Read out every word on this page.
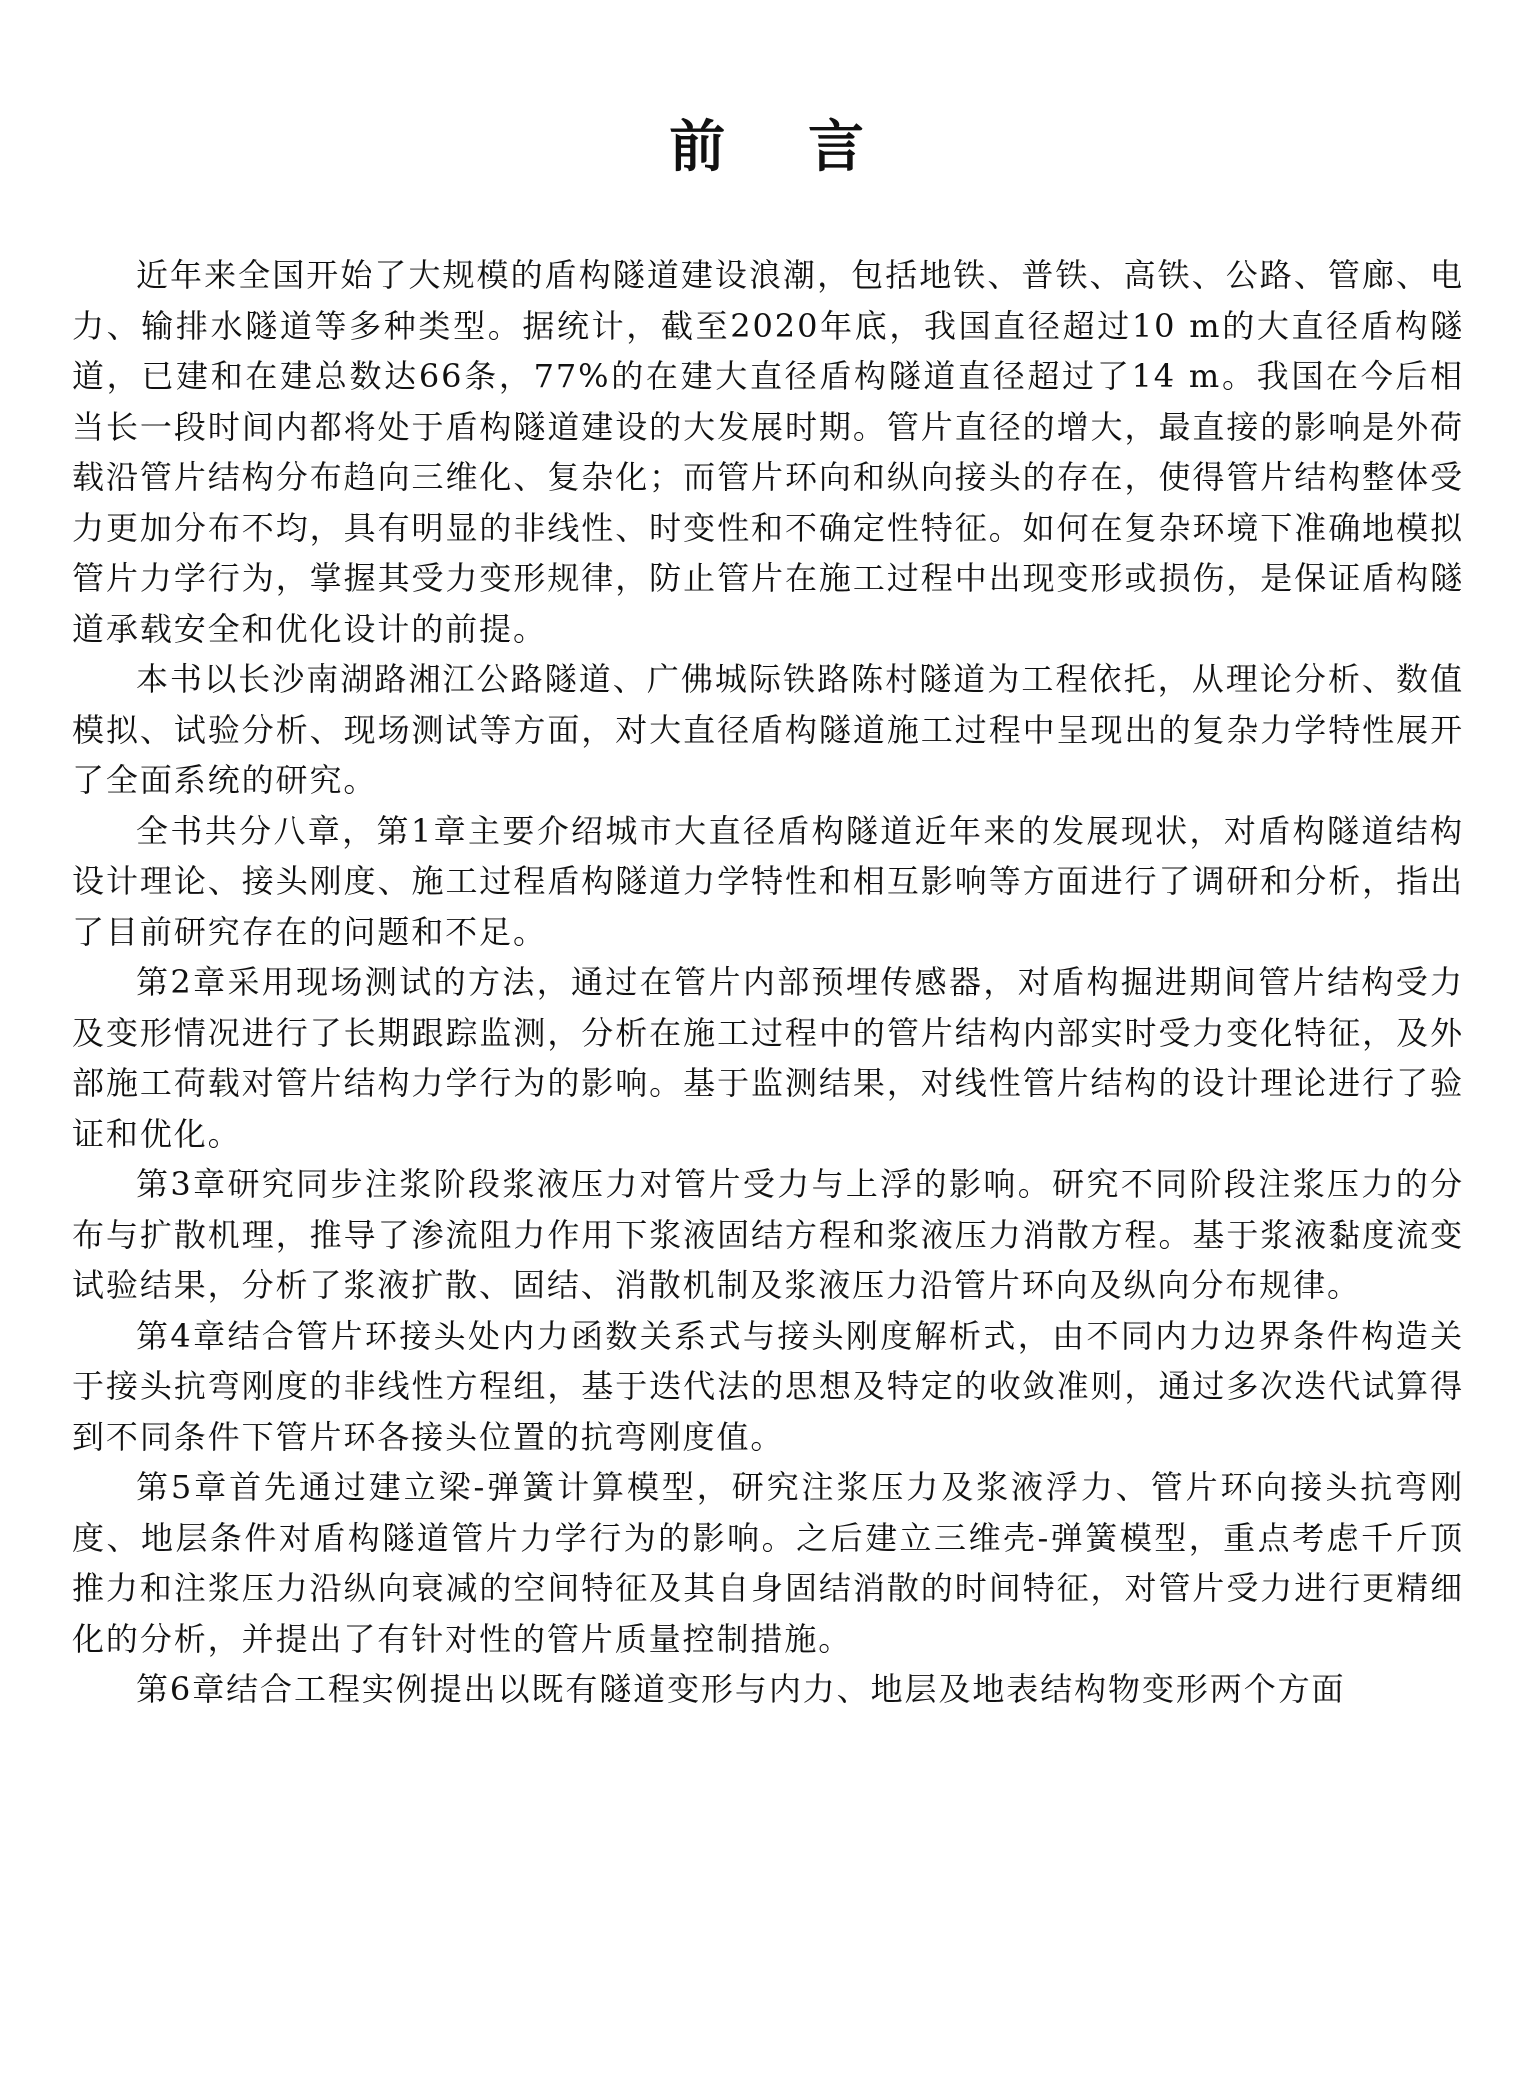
前 言

近年来全国开始了大规模的盾构隧道建设浪潮，包括地铁、普铁、高铁、公路、管廊、电力、输排水隧道等多种类型。据统计，截至2020年底，我国直径超过10 m的大直径盾构隧道，已建和在建总数达66条，77%的在建大直径盾构隧道直径超过了14 m。我国在今后相当长一段时间内都将处于盾构隧道建设的大发展时期。管片直径的增大，最直接的影响是外荷载沿管片结构分布趋向三维化、复杂化；而管片环向和纵向接头的存在，使得管片结构整体受力更加分布不均，具有明显的非线性、时变性和不确定性特征。如何在复杂环境下准确地模拟管片力学行为，掌握其受力变形规律，防止管片在施工过程中出现变形或损伤，是保证盾构隧道承载安全和优化设计的前提。

本书以长沙南湖路湘江公路隧道、广佛城际铁路陈村隧道为工程依托，从理论分析、数值模拟、试验分析、现场测试等方面，对大直径盾构隧道施工过程中呈现出的复杂力学特性展开了全面系统的研究。

全书共分八章，第1章主要介绍城市大直径盾构隧道近年来的发展现状，对盾构隧道结构设计理论、接头刚度、施工过程盾构隧道力学特性和相互影响等方面进行了调研和分析，指出了目前研究存在的问题和不足。

第2章采用现场测试的方法，通过在管片内部预埋传感器，对盾构掘进期间管片结构受力及变形情况进行了长期跟踪监测，分析在施工过程中的管片结构内部实时受力变化特征，及外部施工荷载对管片结构力学行为的影响。基于监测结果，对线性管片结构的设计理论进行了验证和优化。

第3章研究同步注浆阶段浆液压力对管片受力与上浮的影响。研究不同阶段注浆压力的分布与扩散机理，推导了渗流阻力作用下浆液固结方程和浆液压力消散方程。基于浆液黏度流变试验结果，分析了浆液扩散、固结、消散机制及浆液压力沿管片环向及纵向分布规律。

第4章结合管片环接头处内力函数关系式与接头刚度解析式，由不同内力边界条件构造关于接头抗弯刚度的非线性方程组，基于迭代法的思想及特定的收敛准则，通过多次迭代试算得到不同条件下管片环各接头位置的抗弯刚度值。

第5章首先通过建立梁-弹簧计算模型，研究注浆压力及浆液浮力、管片环向接头抗弯刚度、地层条件对盾构隧道管片力学行为的影响。之后建立三维壳-弹簧模型，重点考虑千斤顶推力和注浆压力沿纵向衰减的空间特征及其自身固结消散的时间特征，对管片受力进行更精细化的分析，并提出了有针对性的管片质量控制措施。

第6章结合工程实例提出以既有隧道变形与内力、地层及地表结构物变形两个方面
